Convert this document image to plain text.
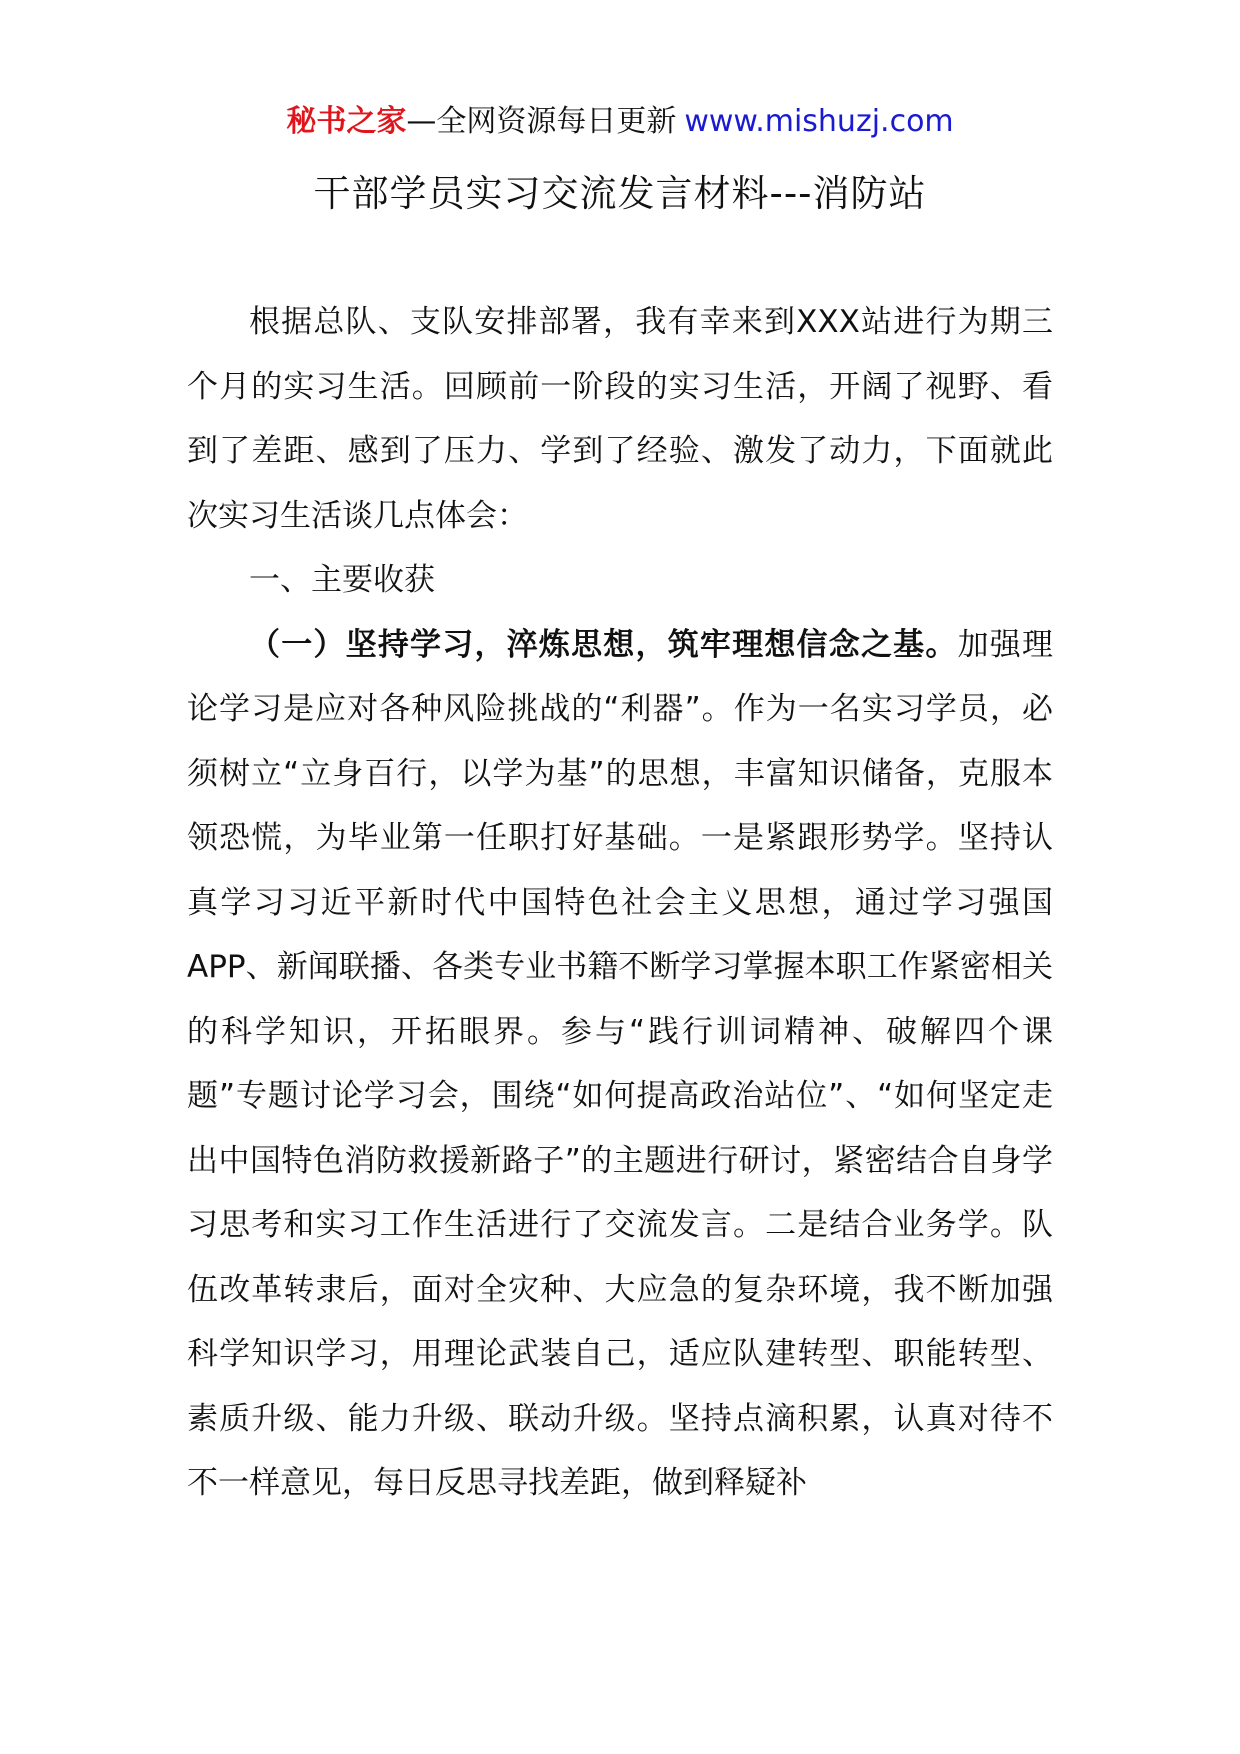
秘书之家—全网资源每日更新 www.mishuzj.com
干部学员实习交流发言材料---消防站

根据总队、支队安排部署，我有幸来到XXX站进行为期三个月的实习生活。回顾前一阶段的实习生活，开阔了视野、看到了差距、感到了压力、学到了经验、激发了动力，下面就此次实习生活谈几点体会：

一、主要收获

（一）坚持学习，淬炼思想，筑牢理想信念之基。加强理论学习是应对各种风险挑战的“利器”。作为一名实习学员，必须树立“立身百行，以学为基”的思想，丰富知识储备，克服本领恐慌，为毕业第一任职打好基础。一是紧跟形势学。坚持认真学习习近平新时代中国特色社会主义思想，通过学习强国APP、新闻联播、各类专业书籍不断学习掌握本职工作紧密相关的科学知识，开拓眼界。参与“践行训词精神、破解四个课题”专题讨论学习会，围绕“如何提高政治站位”、“如何坚定走出中国特色消防救援新路子”的主题进行研讨，紧密结合自身学习思考和实习工作生活进行了交流发言。二是结合业务学。队伍改革转隶后，面对全灾种、大应急的复杂环境，我不断加强科学知识学习，用理论武装自己，适应队建转型、职能转型、素质升级、能力升级、联动升级。坚持点滴积累，认真对待不不一样意见，每日反思寻找差距，做到释疑补
